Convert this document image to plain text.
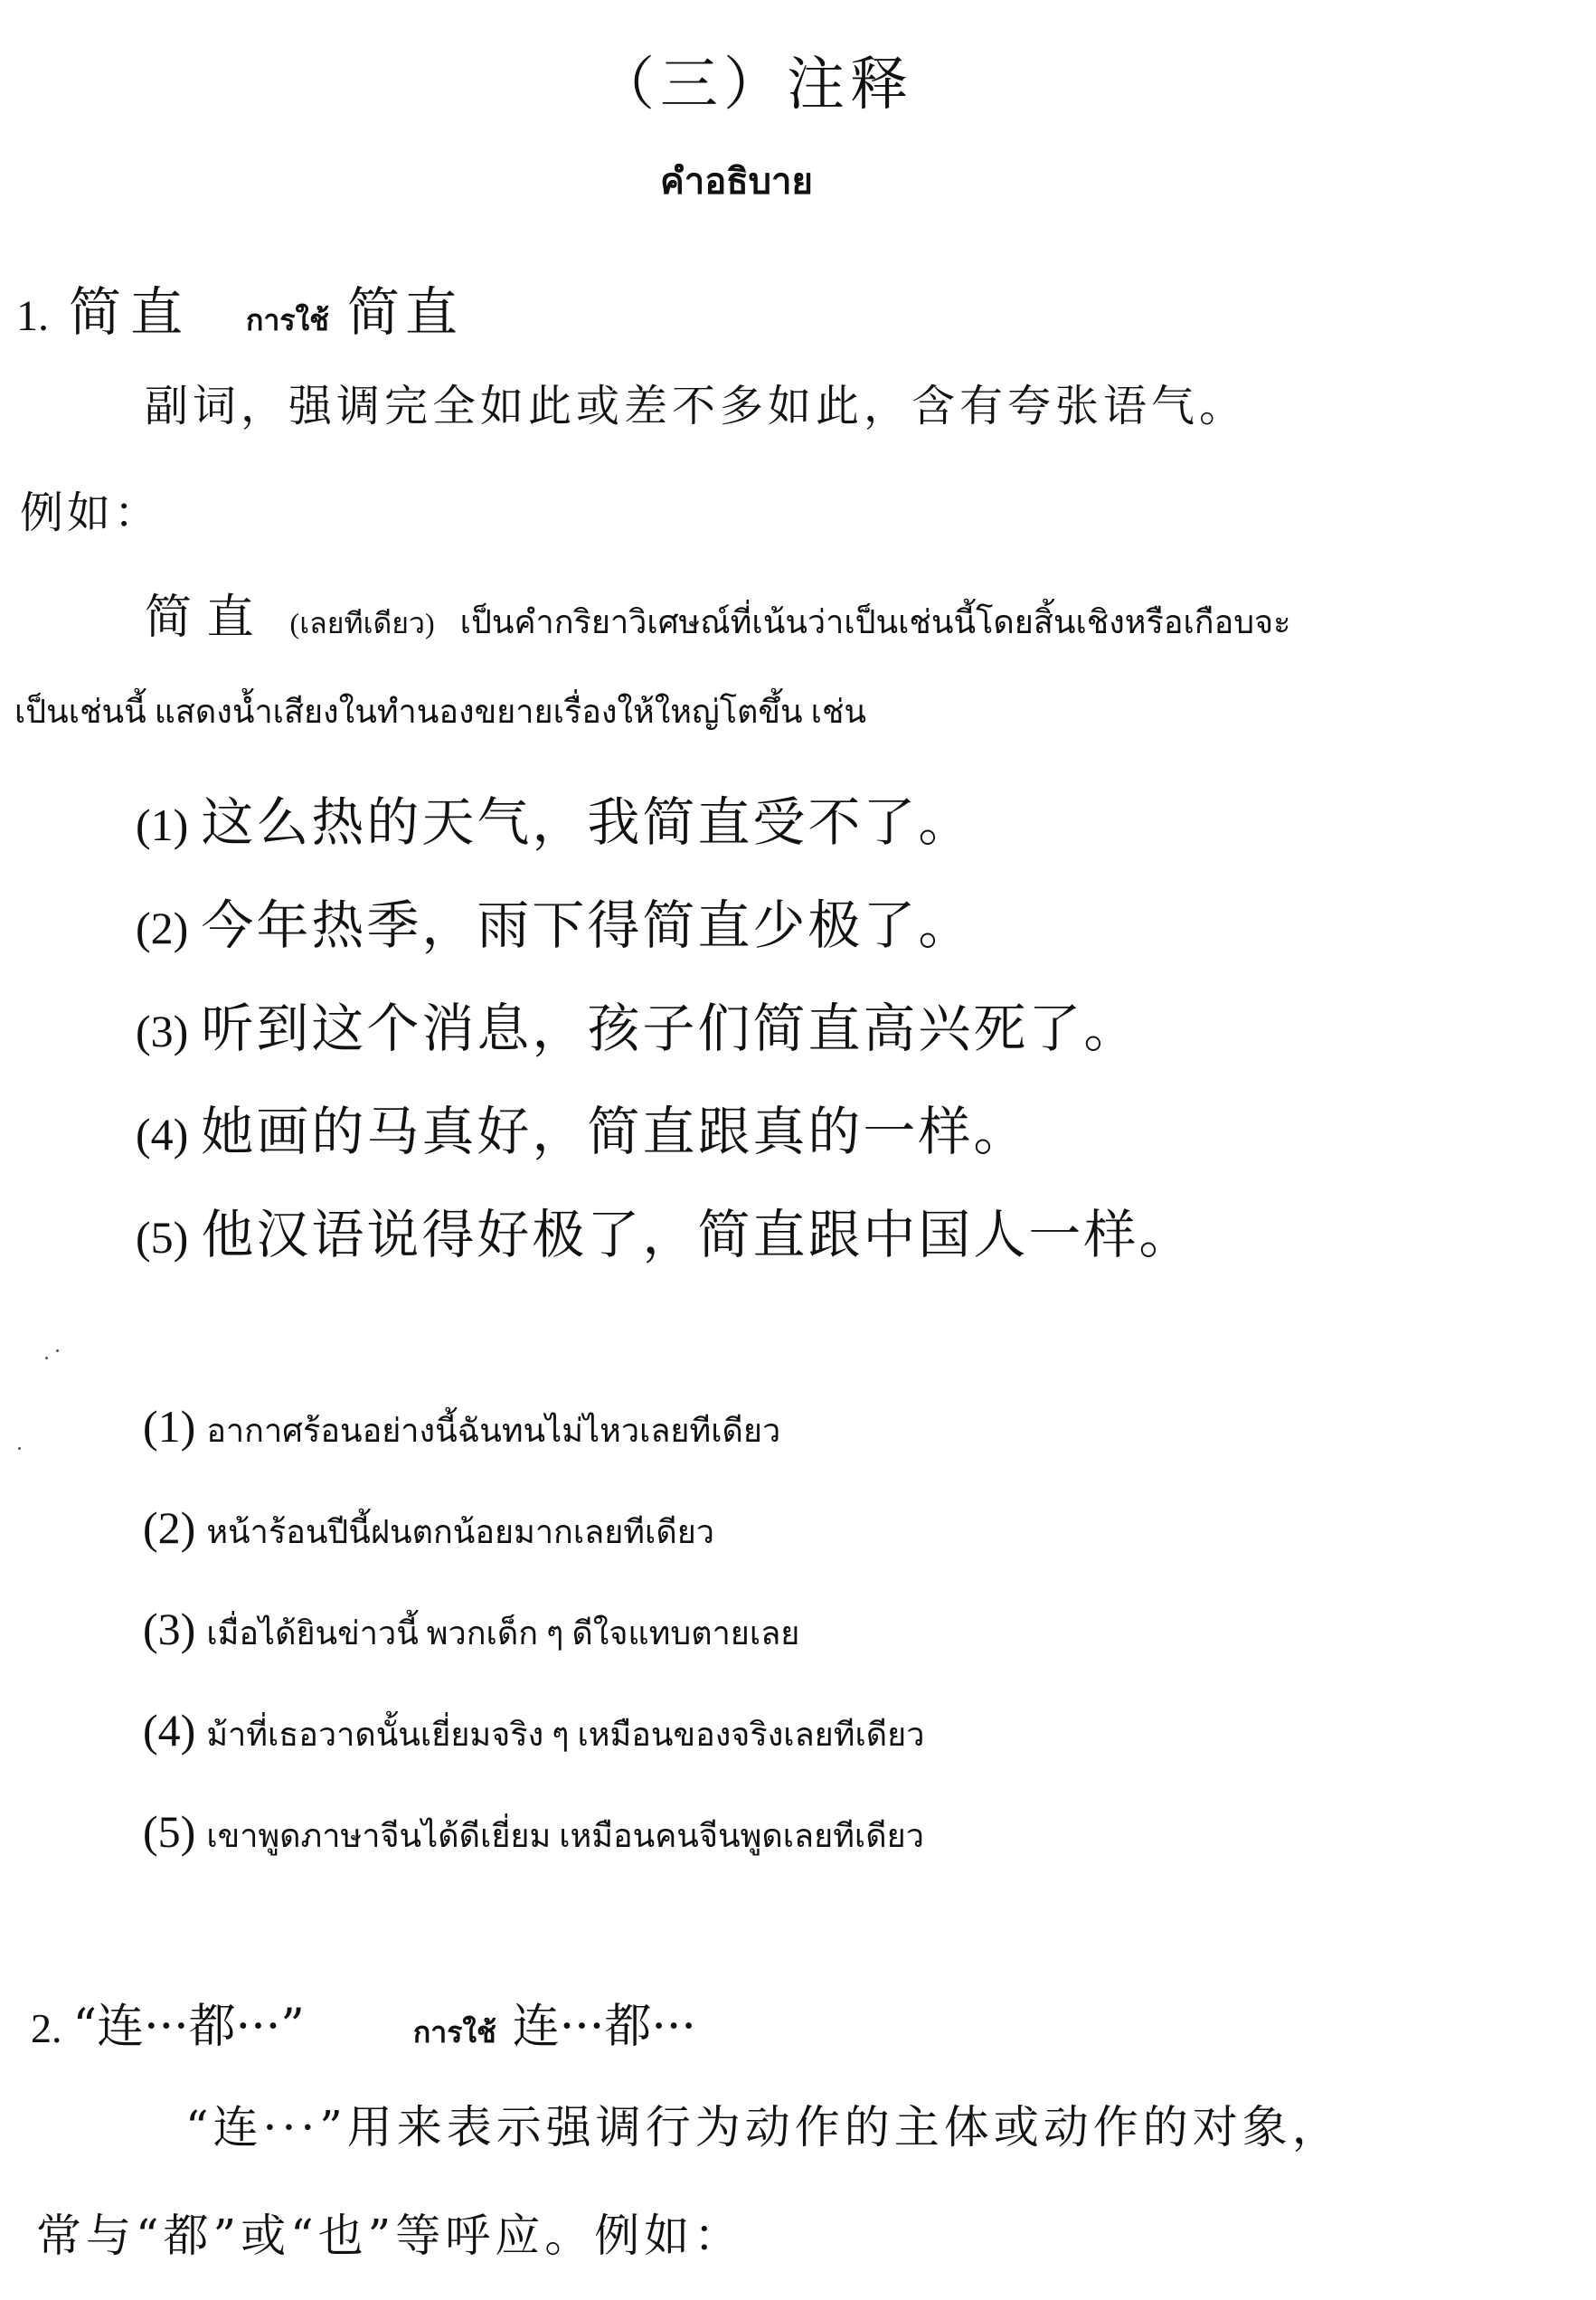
（三）注释
คำอธิบาย
1. 简直 การใช้ 简直
副词，强调完全如此或差不多如此，含有夸张语气。
例如：
简 直 (เลยทีเดียว) เป็นคำกริยาวิเศษณ์ที่เน้นว่าเป็นเช่นนี้โดยสิ้นเชิงหรือเกือบจะ
เป็นเช่นนี้ แสดงน้ำเสียงในทำนองขยายเรื่องให้ใหญ่โตขึ้น เช่น
(1) 这么热的天气，我简直受不了。
(2) 今年热季，雨下得简直少极了。
(3) 听到这个消息，孩子们简直高兴死了。
(4) 她画的马真好，简直跟真的一样。
(5) 他汉语说得好极了，简直跟中国人一样。
(1) อากาศร้อนอย่างนี้ฉันทนไม่ไหวเลยทีเดียว
(2) หน้าร้อนปีนี้ฝนตกน้อยมากเลยทีเดียว
(3) เมื่อได้ยินข่าวนี้ พวกเด็ก ๆ ดีใจแทบตายเลย
(4) ม้าที่เธอวาดนั้นเยี่ยมจริง ๆ เหมือนของจริงเลยทีเดียว
(5) เขาพูดภาษาจีนได้ดีเยี่ยม เหมือนคนจีนพูดเลยทีเดียว
2. “连···都···”	การใช้ 连···都···
“连···”用来表示强调行为动作的主体或动作的对象，
常与“都”或“也”等呼应。例如：
